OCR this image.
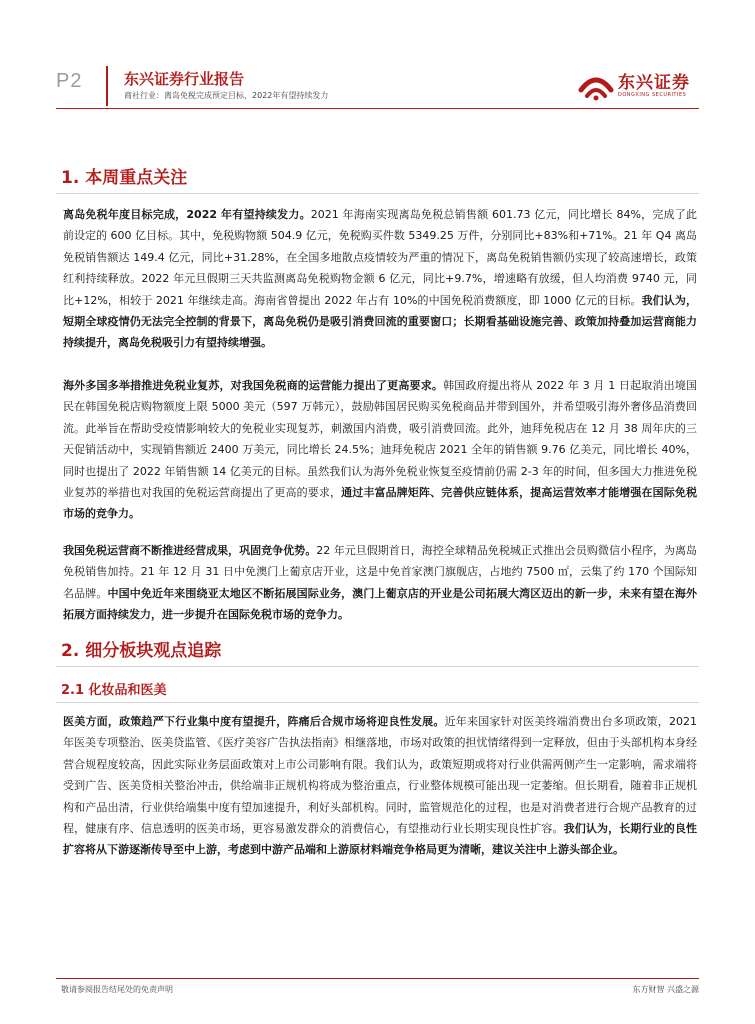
P2	东兴证券行业报告
商社行业：离岛免税完成预定目标，2022年有望持续发力
东兴证券
DONGXING SECURITIES
1. 本周重点关注
离岛免税年度目标完成，2022 年有望持续发力。2021 年海南实现离岛免税总销售额 601.73 亿元，同比增长 84%，完成了此前设定的 600 亿目标。其中，免税购物额 504.9 亿元，免税购买件数 5349.25 万件，分别同比+83%和+71%。21 年 Q4 离岛免税销售额达 149.4 亿元，同比+31.28%，在全国多地散点疫情较为严重的情况下，离岛免税销售额仍实现了较高速增长，政策红利持续释放。2022 年元旦假期三天共监测离岛免税购物金额 6 亿元，同比+9.7%，增速略有放缓，但人均消费 9740 元，同比+12%，相较于 2021 年继续走高。海南省曾提出 2022 年占有 10%的中国免税消费额度，即 1000 亿元的目标。我们认为，短期全球疫情仍无法完全控制的背景下，离岛免税仍是吸引消费回流的重要窗口；长期看基础设施完善、政策加持叠加运营商能力持续提升，离岛免税吸引力有望持续增强。
海外多国多举措推进免税业复苏，对我国免税商的运营能力提出了更高要求。韩国政府提出将从 2022 年 3 月 1 日起取消出境国民在韩国免税店购物额度上限 5000 美元（597 万韩元），鼓励韩国居民购买免税商品并带到国外，并希望吸引海外奢侈品消费回流。此举旨在帮助受疫情影响较大的免税业实现复苏，刺激国内消费，吸引消费回流。此外，迪拜免税店在 12 月 38 周年庆的三天促销活动中，实现销售额近 2400 万美元，同比增长 24.5%；迪拜免税店 2021 全年的销售额 9.76 亿美元，同比增长 40%，同时也提出了 2022 年销售额 14 亿美元的目标。虽然我们认为海外免税业恢复至疫情前仍需 2-3 年的时间，但多国大力推进免税业复苏的举措也对我国的免税运营商提出了更高的要求，通过丰富品牌矩阵、完善供应链体系，提高运营效率才能增强在国际免税市场的竞争力。
我国免税运营商不断推进经营成果，巩固竞争优势。22 年元旦假期首日，海控全球精品免税城正式推出会员购微信小程序，为离岛免税销售加持。21 年 12 月 31 日中免澳门上葡京店开业，这是中免首家澳门旗舰店，占地约 7500 ㎡，云集了约 170 个国际知名品牌。中国中免近年来围绕亚太地区不断拓展国际业务，澳门上葡京店的开业是公司拓展大湾区迈出的新一步，未来有望在海外拓展方面持续发力，进一步提升在国际免税市场的竞争力。
2. 细分板块观点追踪
2.1 化妆品和医美
医美方面，政策趋严下行业集中度有望提升，阵痛后合规市场将迎良性发展。近年来国家针对医美终端消费出台多项政策，2021 年医美专项整治、医美贷监管、《医疗美容广告执法指南》相继落地，市场对政策的担忧情绪得到一定释放，但由于头部机构本身经营合规程度较高，因此实际业务层面政策对上市公司影响有限。我们认为，政策短期或将对行业供需两侧产生一定影响，需求端将受到广告、医美贷相关整治冲击，供给端非正规机构将成为整治重点，行业整体规模可能出现一定萎缩。但长期看，随着非正规机构和产品出清，行业供给端集中度有望加速提升，利好头部机构。同时，监管规范化的过程，也是对消费者进行合规产品教育的过程，健康有序、信息透明的医美市场，更容易激发群众的消费信心，有望推动行业长期实现良性扩容。我们认为，长期行业的良性扩容将从下游逐渐传导至中上游，考虑到中游产品端和上游原材料端竞争格局更为清晰，建议关注中上游头部企业。
敬请参阅报告结尾处的免责声明	东方财智 兴盛之源
